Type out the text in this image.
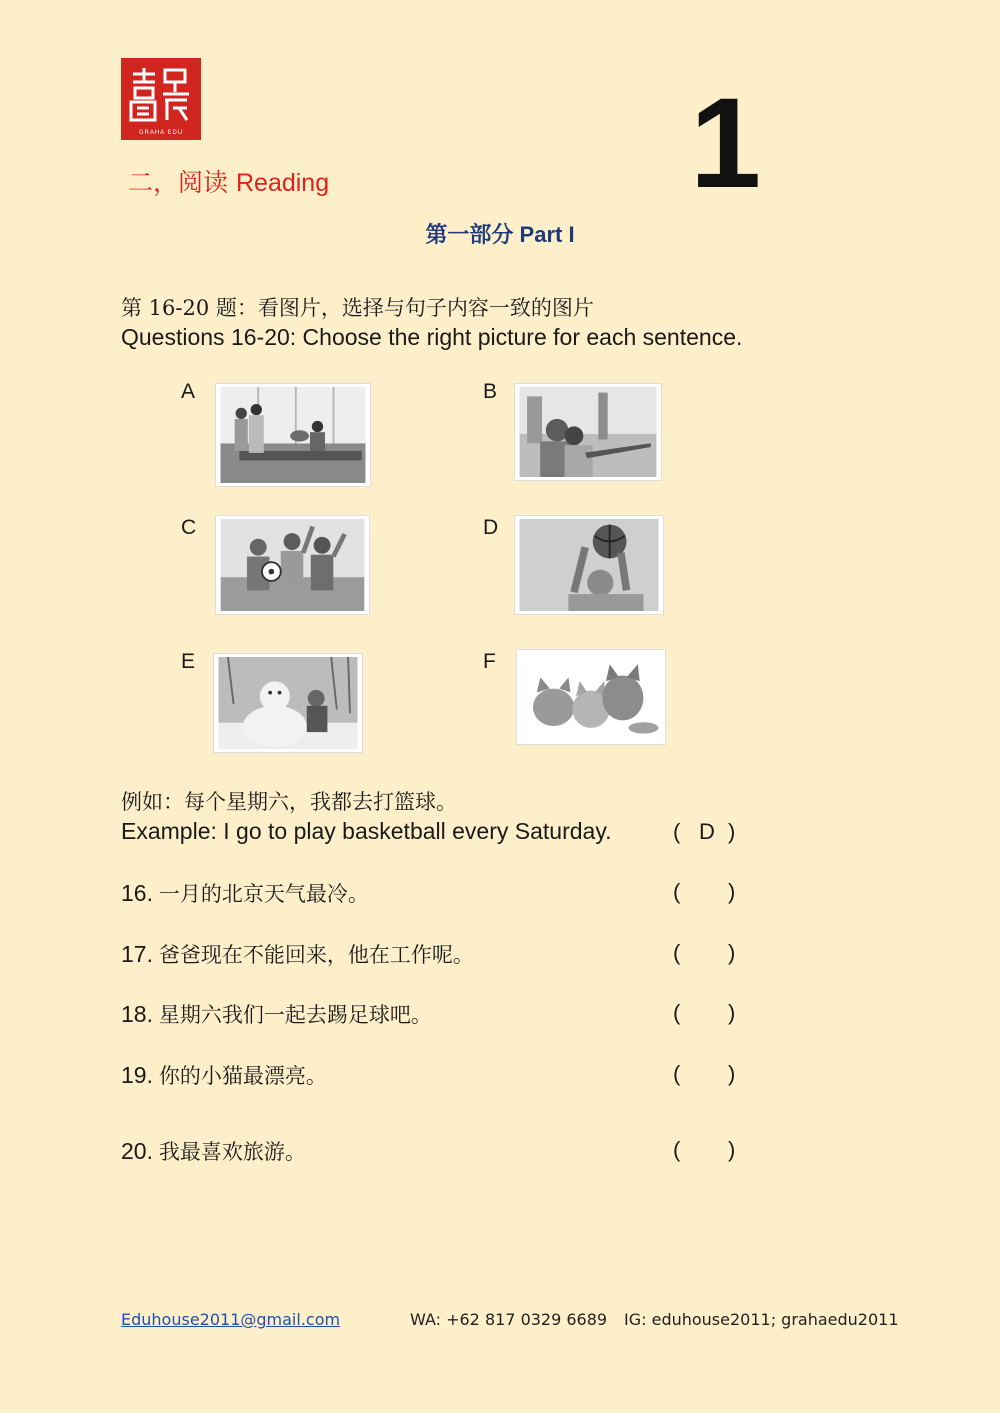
GRAHA EDU
二，阅读 Reading	1
第一部分 Part I
第 16-20 题：看图片，选择与句子内容一致的图片
Questions 16-20: Choose the right picture for each sentence.
A	B
C	D
E	F
例如：每个星期六，我都去打篮球。
Example: I go to play basketball every Saturday.	( D )
16. 一月的北京天气最冷。	( )
17. 爸爸现在不能回来，他在工作呢。	( )
18. 星期六我们一起去踢足球吧。	( )
19. 你的小猫最漂亮。	( )
20. 我最喜欢旅游。	( )
Eduhouse2011@gmail.com	WA: +62 817 0329 6689 IG: eduhouse2011; grahaedu2011
